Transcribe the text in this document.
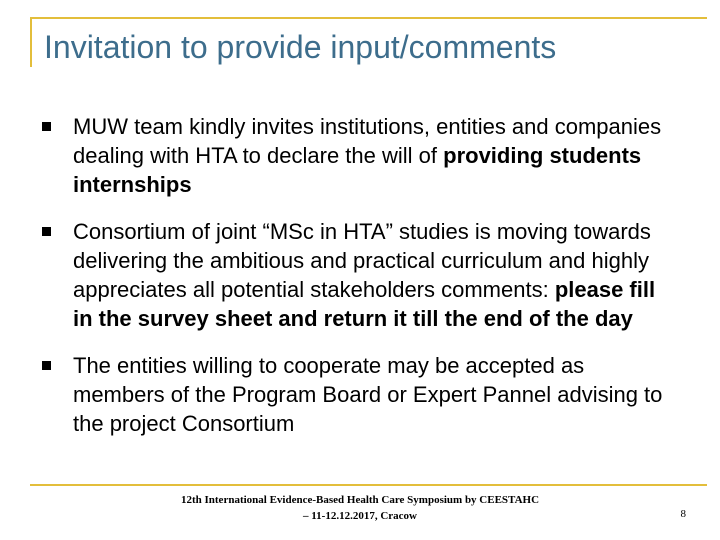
Invitation to provide input/comments
MUW team kindly invites institutions, entities and companies dealing with HTA to declare the will of providing students internships
Consortium of joint “MSc in HTA” studies is moving towards delivering the ambitious and practical curriculum and highly appreciates all potential stakeholders comments: please fill in the survey sheet and return it till the end of the day
The entities willing to cooperate may be accepted as members of the Program Board or Expert Pannel advising to the project Consortium
12th International Evidence-Based Health Care Symposium by CEESTAHC
– 11-12.12.2017, Cracow	8
